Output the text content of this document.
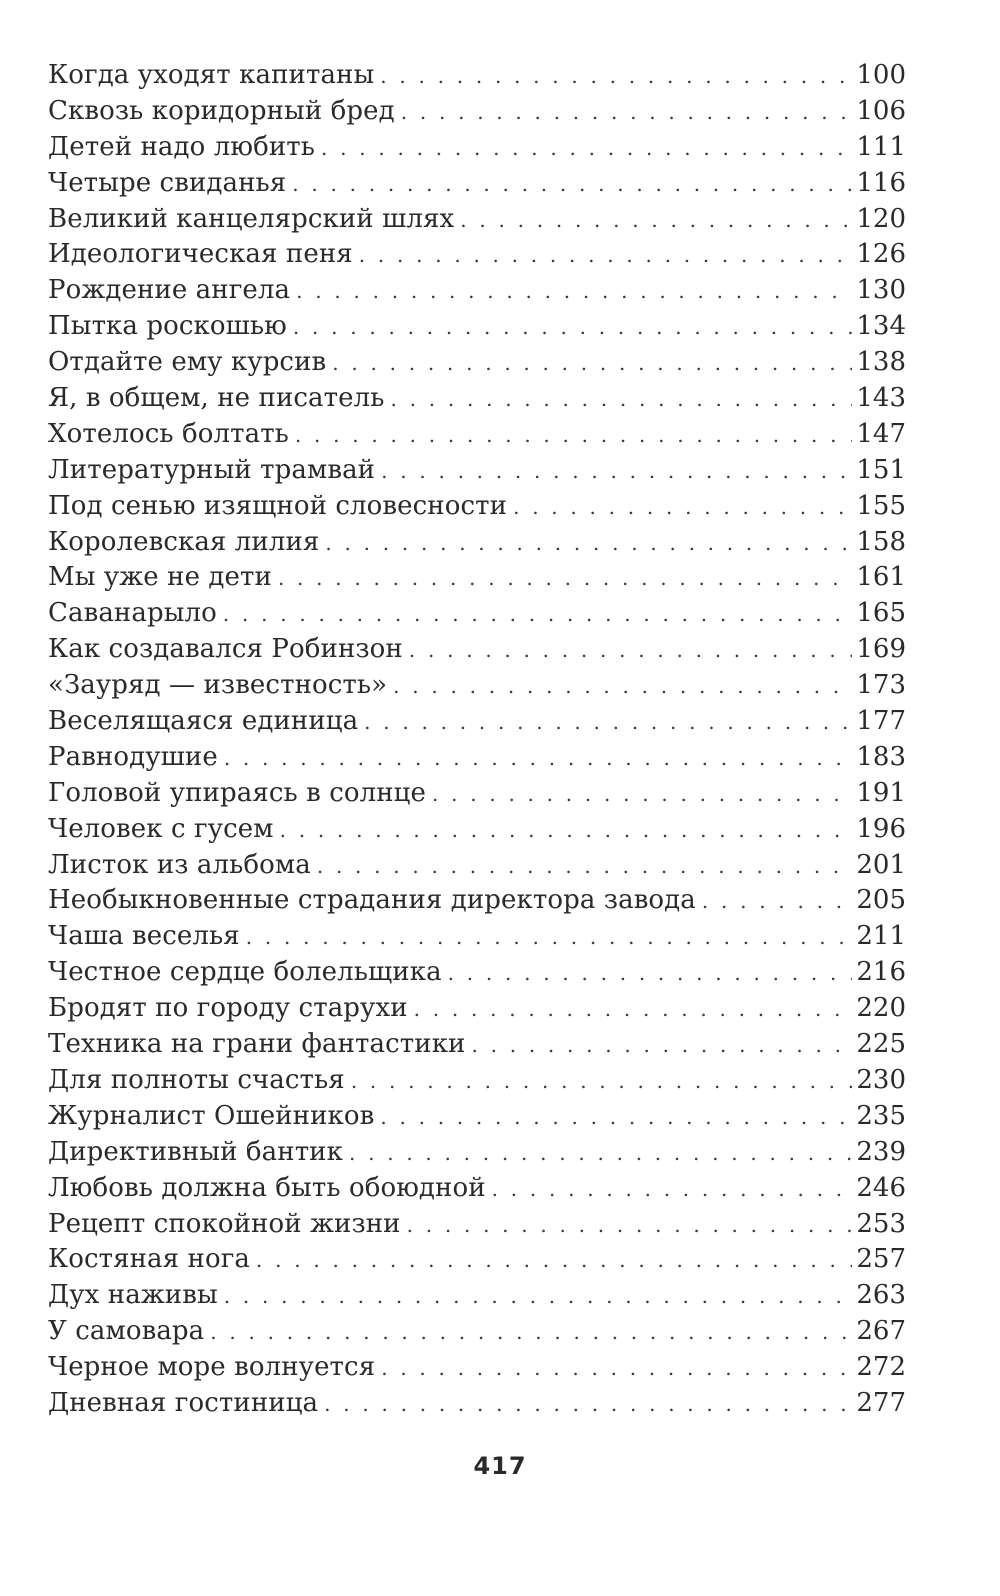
Когда уходят капитаны . . .	100
Сквозь коридорный бред . . .	106
Детей надо любить . . .	111
Четыре свиданья . . .	116
Великий канцелярский шлях . . .	120
Идеологическая пеня . . .	126
Рождение ангела . . .	130
Пытка роскошью . . .	134
Отдайте ему курсив . . .	138
Я, в общем, не писатель . . .	143
Хотелось болтать . . .	147
Литературный трамвай . . .	151
Под сенью изящной словесности . . .	155
Королевская лилия . . .	158
Мы уже не дети . . .	161
Саванарыло . . .	165
Как создавался Робинзон . . .	169
«Зауряд — известность» . . .	173
Веселящаяся единица . . .	177
Равнодушие . . .	183
Головой упираясь в солнце . . .	191
Человек с гусем . . .	196
Листок из альбома . . .	201
Необыкновенные страдания директора завода . . .	205
Чаша веселья . . .	211
Честное сердце болельщика . . .	216
Бродят по городу старухи . . .	220
Техника на грани фантастики . . .	225
Для полноты счастья . . .	230
Журналист Ошейников . . .	235
Директивный бантик . . .	239
Любовь должна быть обоюдной . . .	246
Рецепт спокойной жизни . . .	253
Костяная нога . . .	257
Дух наживы . . .	263
У самовара . . .	267
Черное море волнуется . . .	272
Дневная гостиница . . .	277
417
